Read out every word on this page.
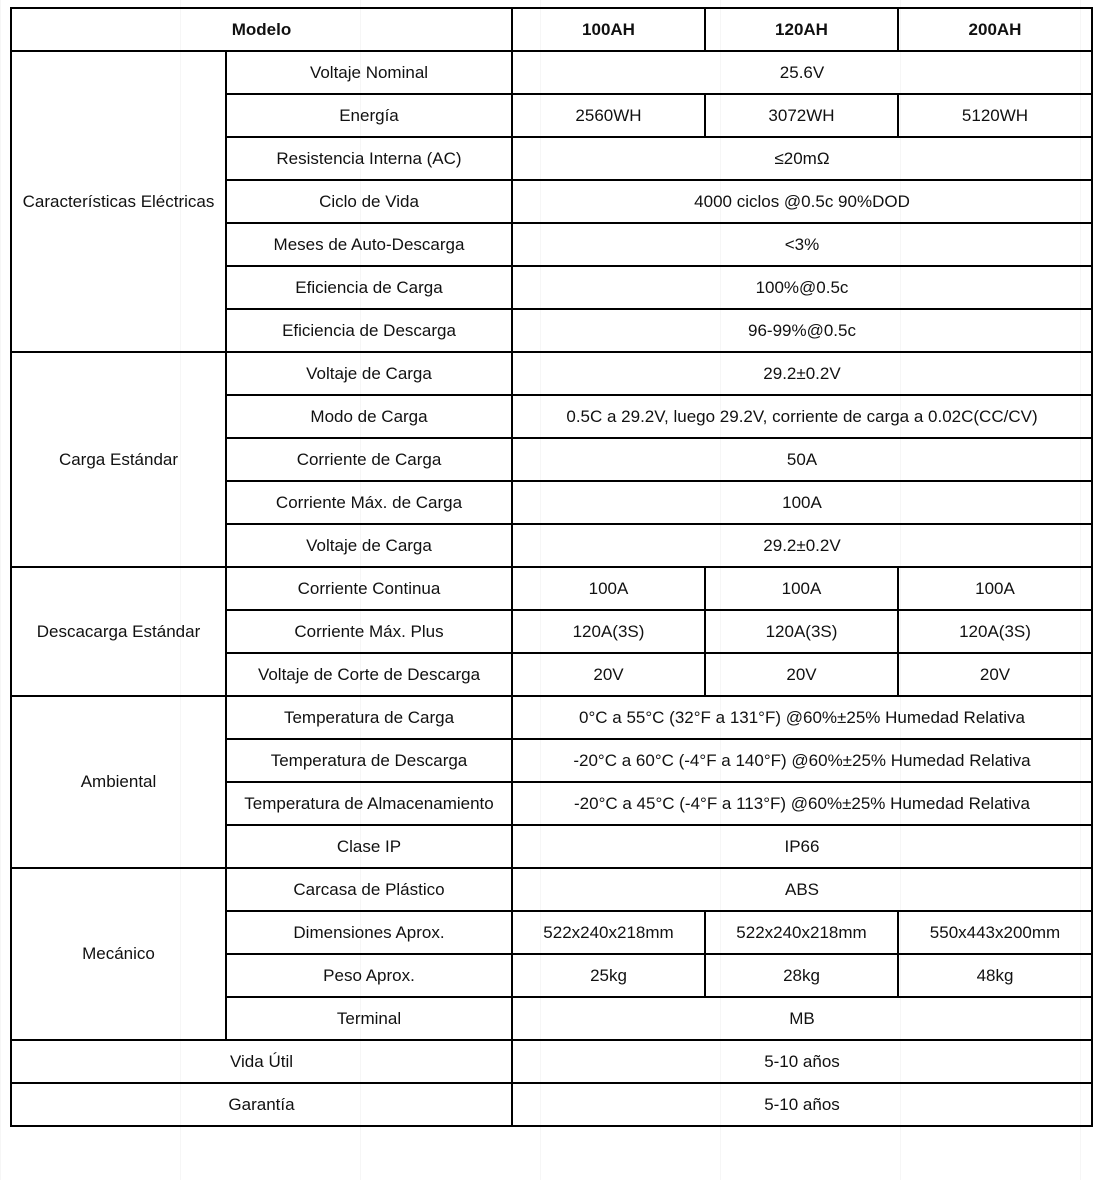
Modelo		100AH	120AH	200AH
Características Eléctricas	Voltaje Nominal	25.6V		
	Energía	2560WH	3072WH	5120WH
	Resistencia Interna (AC)	≤20mΩ		
	Ciclo de Vida	4000 ciclos @0.5c 90%DOD		
	Meses de Auto-Descarga	<3%		
	Eficiencia de Carga	100%@0.5c		
	Eficiencia de Descarga	96-99%@0.5c		
Carga Estándar	Voltaje de Carga	29.2±0.2V		
	Modo de Carga	0.5C a 29.2V, luego 29.2V, corriente de carga a 0.02C(CC/CV)		
	Corriente de Carga	50A		
	Corriente Máx. de Carga	100A		
	Voltaje de Carga	29.2±0.2V		
Descacarga Estándar	Corriente Continua	100A	100A	100A
	Corriente Máx. Plus	120A(3S)	120A(3S)	120A(3S)
	Voltaje de Corte de Descarga	20V	20V	20V
Ambiental	Temperatura de Carga	0°C a 55°C (32°F a 131°F) @60%±25% Humedad Relativa		
	Temperatura de Descarga	-20°C a 60°C (-4°F a 140°F) @60%±25% Humedad Relativa		
	Temperatura de Almacenamiento	-20°C a 45°C (-4°F a 113°F) @60%±25% Humedad Relativa		
	Clase IP	IP66		
Mecánico	Carcasa de Plástico	ABS		
	Dimensiones Aprox.	522x240x218mm	522x240x218mm	550x443x200mm
	Peso Aprox.	25kg	28kg	48kg
	Terminal	MB		
Vida Útil		5-10 años		
Garantía		5-10 años		
